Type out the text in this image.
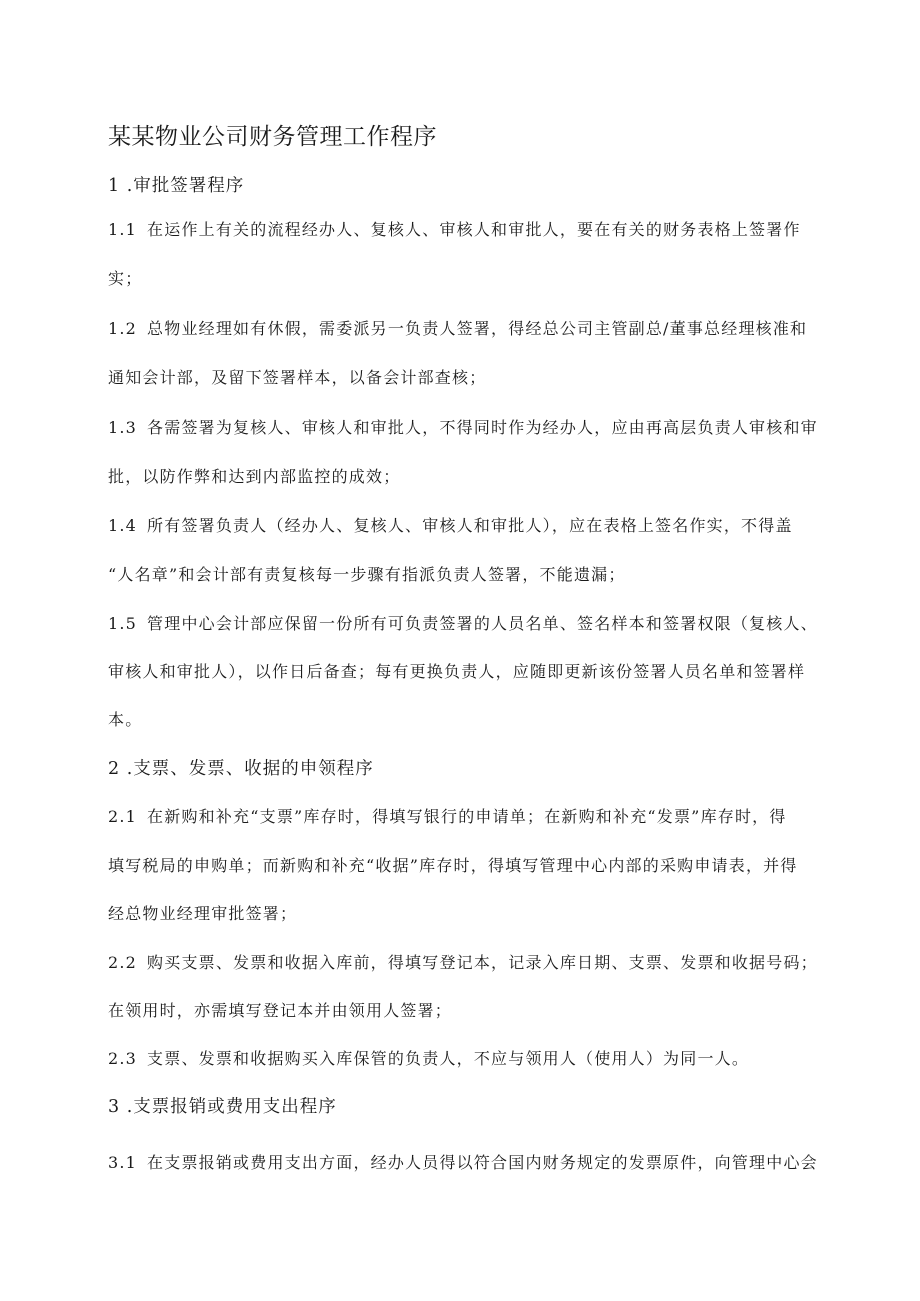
某某物业公司财务管理工作程序
1 .审批签署程序
1.1 在运作上有关的流程经办人、复核人、审核人和审批人，要在有关的财务表格上签署作
实；
1.2 总物业经理如有休假，需委派另一负责人签署，得经总公司主管副总/董事总经理核准和
通知会计部，及留下签署样本，以备会计部查核；
1.3 各需签署为复核人、审核人和审批人，不得同时作为经办人，应由再高层负责人审核和审
批，以防作弊和达到内部监控的成效；
1.4 所有签署负责人（经办人、复核人、审核人和审批人），应在表格上签名作实，不得盖
“人名章”和会计部有责复核每一步骤有指派负责人签署，不能遗漏；
1.5 管理中心会计部应保留一份所有可负责签署的人员名单、签名样本和签署权限（复核人、
审核人和审批人），以作日后备查；每有更换负责人，应随即更新该份签署人员名单和签署样
本。
2 .支票、发票、收据的申领程序
2.1 在新购和补充“支票”库存时，得填写银行的申请单；在新购和补充“发票”库存时，得
填写税局的申购单；而新购和补充“收据”库存时，得填写管理中心内部的采购申请表，并得
经总物业经理审批签署；
2.2 购买支票、发票和收据入库前，得填写登记本，记录入库日期、支票、发票和收据号码；
在领用时，亦需填写登记本并由领用人签署；
2.3 支票、发票和收据购买入库保管的负责人，不应与领用人（使用人）为同一人。
3 .支票报销或费用支出程序
3.1 在支票报销或费用支出方面，经办人员得以符合国内财务规定的发票原件，向管理中心会
